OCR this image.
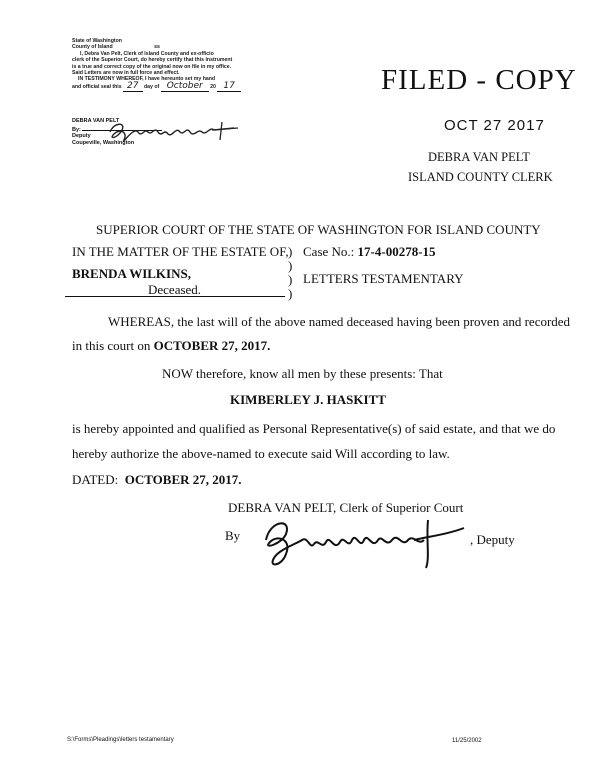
State of Washington
County of Island	ss
I, Debra Van Pelt, Clerk of Island County and ex-officio
clerk of the Superior Court, do hereby certify that this instrument
is a true and correct copy of the original now on file in my office.
Said Letters are now in full force and effect.
IN TESTIMONY WHEREOF, I have hereunto set my hand
and official seal this 27 day of October 20 17
DEBRA VAN PELT
By:
Deputy
Coupeville, Washington
FILED - COPY
OCT 27 2017
DEBRA VAN PELT
ISLAND COUNTY CLERK
SUPERIOR COURT OF THE STATE OF WASHINGTON FOR ISLAND COUNTY
IN THE MATTER OF THE ESTATE OF, )
)
)
)
Case No.: 17-4-00278-15
BRENDA WILKINS,
Deceased.
LETTERS TESTAMENTARY
WHEREAS, the last will of the above named deceased having been proven and recorded
in this court on OCTOBER 27, 2017.
NOW therefore, know all men by these presents: That
KIMBERLEY J. HASKITT
is hereby appointed and qualified as Personal Representative(s) of said estate, and that we do
hereby authorize the above-named to execute said Will according to law.
DATED: OCTOBER 27, 2017.
DEBRA VAN PELT, Clerk of Superior Court
By	, Deputy
S:\Forms\Pleadings\letters testamentary	11/25/2002
